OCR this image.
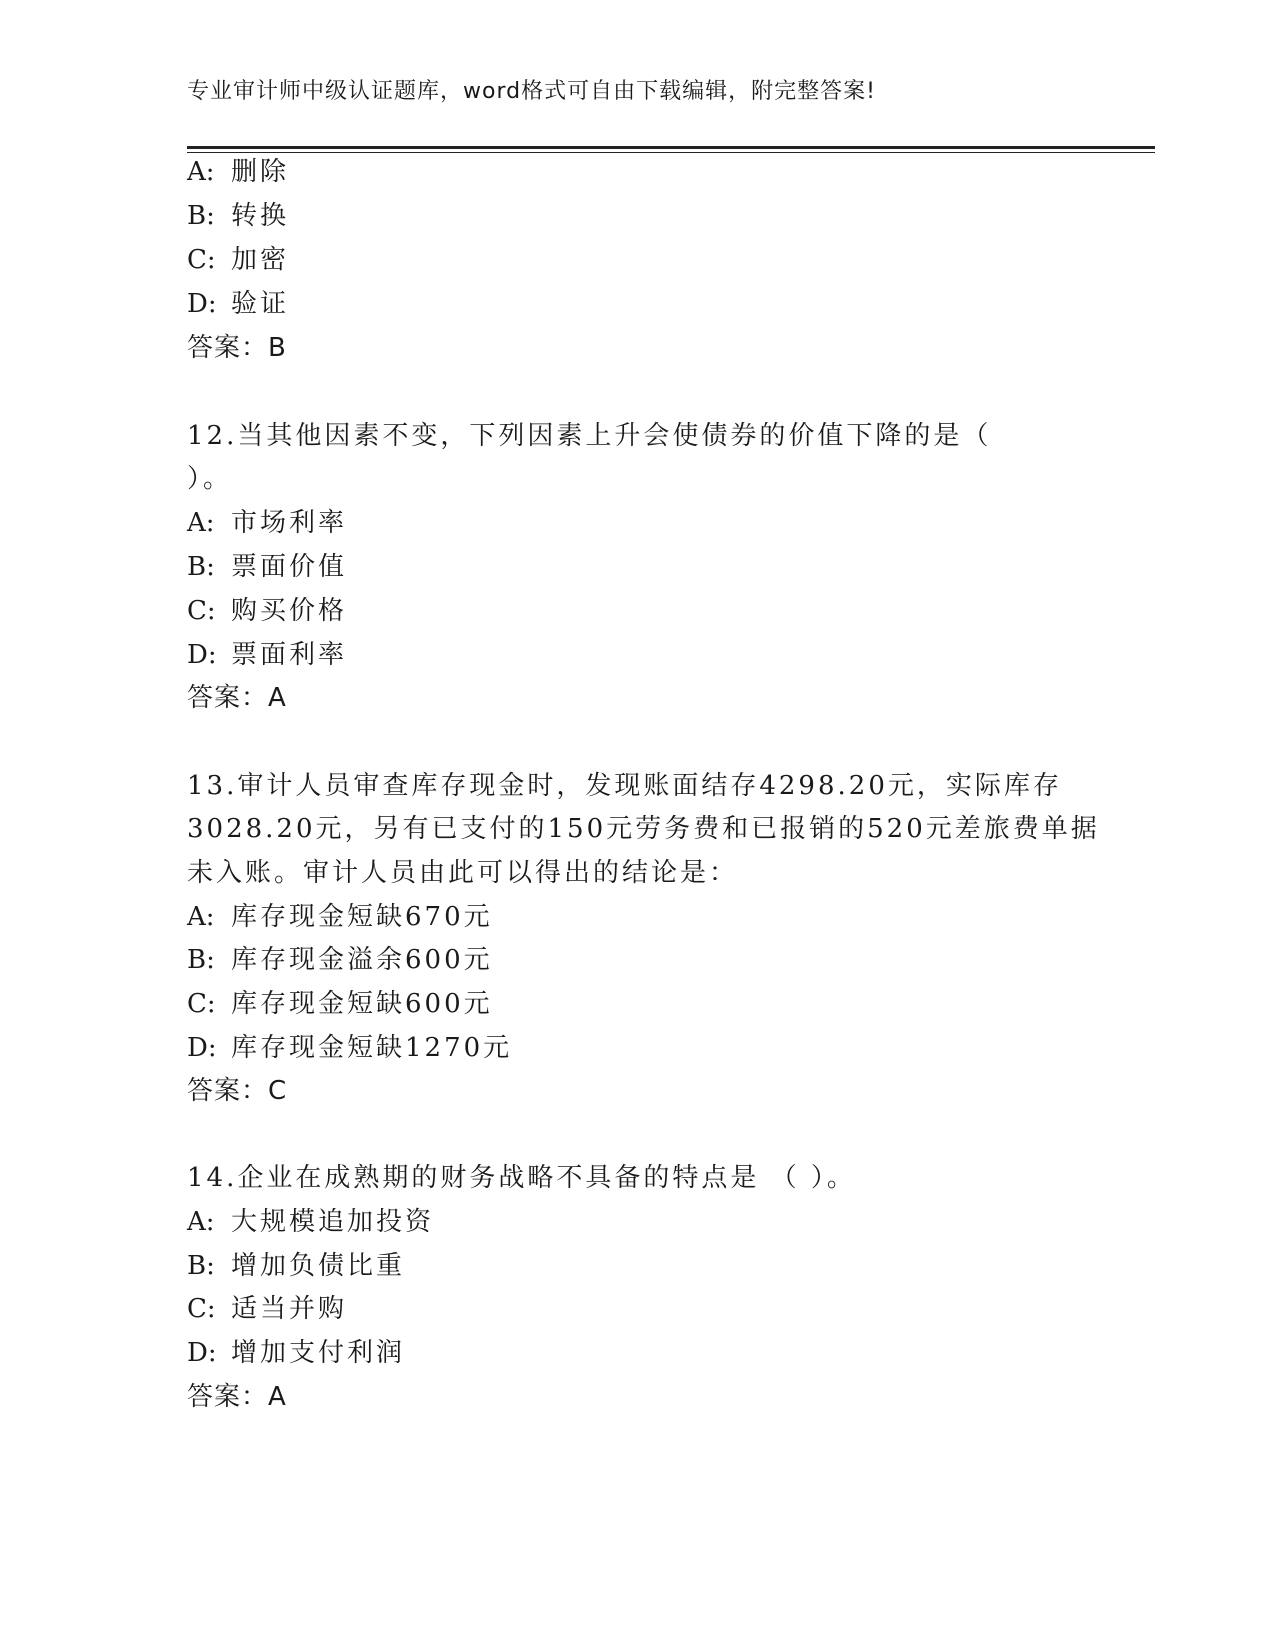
专业审计师中级认证题库，word格式可自由下载编辑，附完整答案!
A: 删除
B: 转换
C: 加密
D: 验证
答案：B
12.当其他因素不变，下列因素上升会使债券的价值下降的是（
）。
A: 市场利率
B: 票面价值
C: 购买价格
D: 票面利率
答案：A
13.审计人员审查库存现金时，发现账面结存4298.20元，实际库存
3028.20元，另有已支付的150元劳务费和已报销的520元差旅费单据
未入账。审计人员由此可以得出的结论是：
A: 库存现金短缺670元
B: 库存现金溢余600元
C: 库存现金短缺600元
D: 库存现金短缺1270元
答案：C
14.企业在成熟期的财务战略不具备的特点是 （ ）。
A: 大规模追加投资
B: 增加负债比重
C: 适当并购
D: 增加支付利润
答案：A
